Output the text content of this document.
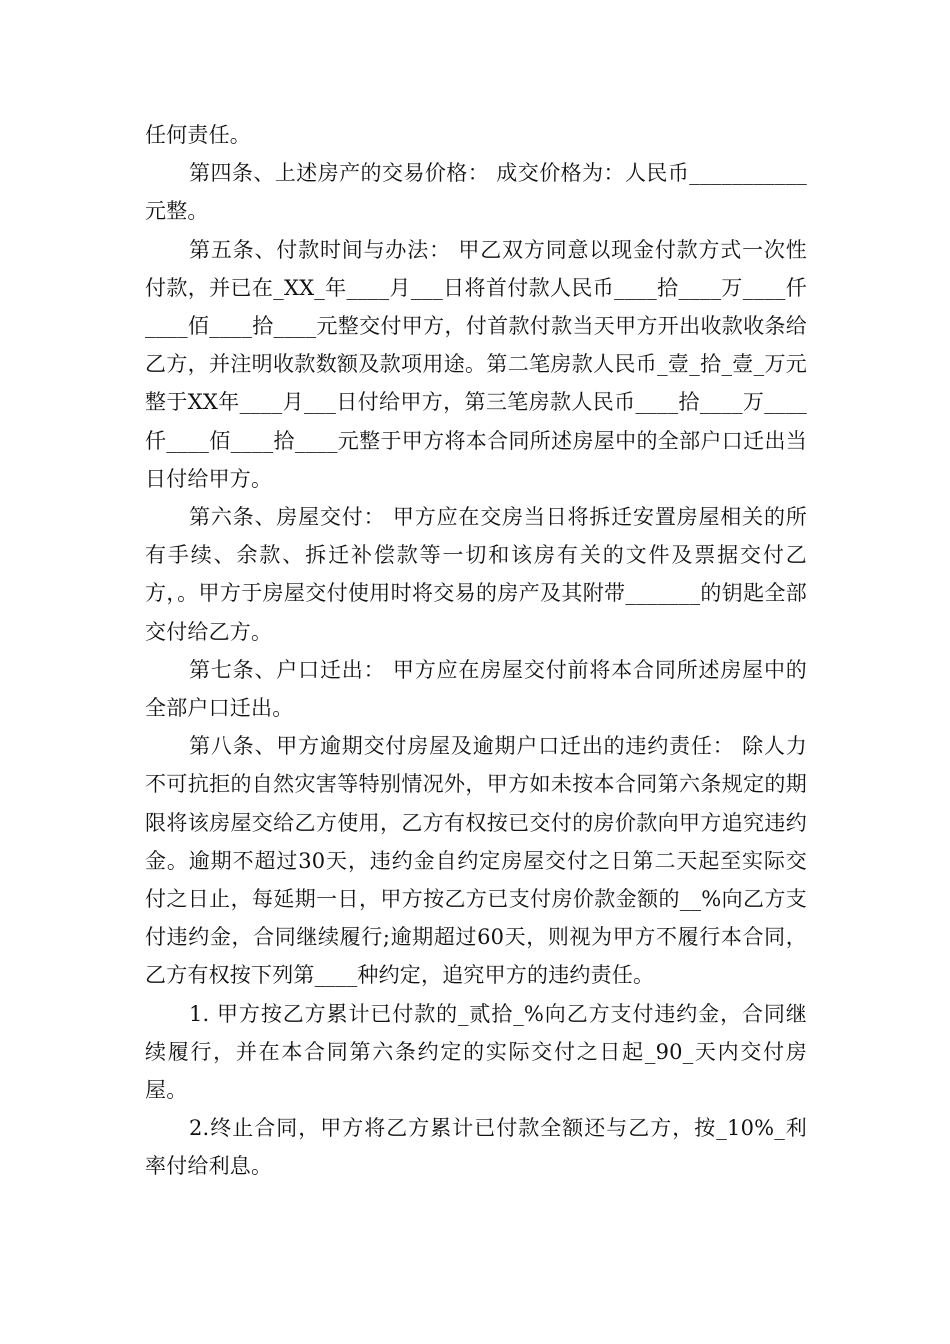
任何责任。

第四条、上述房产的交易价格： 成交价格为：人民币___________元整。

第五条、付款时间与办法： 甲乙双方同意以现金付款方式一次性付款，并已在_XX_年____月___日将首付款人民币____拾____万____仟____佰____拾____元整交付甲方，付首款付款当天甲方开出收款收条给乙方，并注明收款数额及款项用途。第二笔房款人民币_壹_拾_壹_万元整于XX年____月___日付给甲方，第三笔房款人民币____拾____万____仟____佰____拾____元整于甲方将本合同所述房屋中的全部户口迁出当日付给甲方。

第六条、房屋交付： 甲方应在交房当日将拆迁安置房屋相关的所有手续、余款、拆迁补偿款等一切和该房有关的文件及票据交付乙方，。甲方于房屋交付使用时将交易的房产及其附带_______的钥匙全部交付给乙方。

第七条、户口迁出： 甲方应在房屋交付前将本合同所述房屋中的全部户口迁出。

第八条、甲方逾期交付房屋及逾期户口迁出的违约责任： 除人力不可抗拒的自然灾害等特别情况外，甲方如未按本合同第六条规定的期限将该房屋交给乙方使用，乙方有权按已交付的房价款向甲方追究违约金。逾期不超过30天，违约金自约定房屋交付之日第二天起至实际交付之日止，每延期一日，甲方按乙方已支付房价款金额的__%向乙方支付违约金，合同继续履行;逾期超过60天，则视为甲方不履行本合同，乙方有权按下列第____种约定，追究甲方的违约责任。

1. 甲方按乙方累计已付款的_贰拾_%向乙方支付违约金，合同继续履行，并在本合同第六条约定的实际交付之日起_90_天内交付房屋。

2.终止合同，甲方将乙方累计已付款全额还与乙方，按_10%_利率付给利息。
